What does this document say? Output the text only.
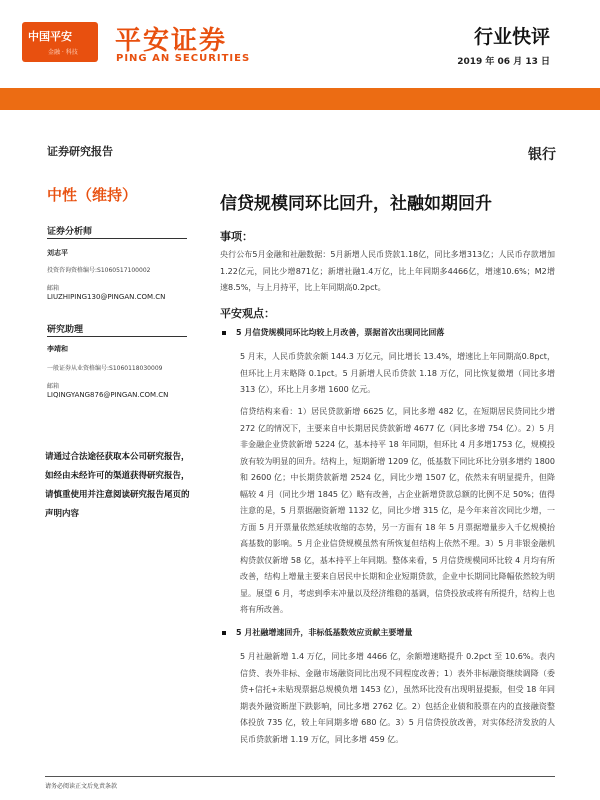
中国平安
金融 · 科技 平安证券
PING AN SECURITIES
行业快评
2019 年 06 月 13 日
证券研究报告
中性（维持）
证券分析师
刘志平
投资咨询资格编号:S1060517100002
邮箱
LIUZHIPING130@PINGAN.COM.CN
研究助理
李靖和
一般证券从业资格编号:S1060118030009
邮箱
LIQINGYANG876@PINGAN.COM.CN
请通过合法途径获取本公司研究报告，如经由未经许可的渠道获得研究报告，请慎重使用并注意阅读研究报告尾页的声明内容
银行
信贷规模同环比回升，社融如期回升
事项：
央行公布5月金融和社融数据：5月新增人民币贷款1.18亿，同比多增313亿；人民币存款增加1.22亿元，同比少增871亿；新增社融1.4万亿，比上年同期多4466亿，增速10.6%；M2增速8.5%，与上月持平，比上年同期高0.2pct。
平安观点：
5 月信贷规模同环比均较上月改善，票据首次出现同比回落
5 月末，人民币贷款余额 144.3 万亿元，同比增长 13.4%，增速比上年同期高0.8pct，但环比上月末略降 0.1pct。5 月新增人民币贷款 1.18 万亿，同比恢复微增（同比多增 313 亿），环比上月多增 1600 亿元。
信贷结构来看：1）居民贷款新增 6625 亿，同比多增 482 亿，在短期居民贷同比少增 272 亿的情况下，主要来自中长期居民贷款新增 4677 亿（同比多增 754 亿）。2）5 月非金融企业贷款新增 5224 亿，基本持平 18 年同期，但环比 4 月多增1753 亿，规模投放有较为明显的回升。结构上，短期新增 1209 亿，低基数下同比环比分别多增约 1800 和 2600 亿；中长期贷款新增 2524 亿，同比少增 1507 亿，依然未有明显提升，但降幅较 4 月（同比少增 1845 亿）略有改善，占企业新增贷款总额的比例不足 50%；值得注意的是，5 月票据融资新增 1132 亿，同比少增 315 亿，是今年来首次同比少增，一方面 5 月开票量依然延续收缩的态势，另一方面有 18 年 5 月票据增量步入千亿规模抬高基数的影响。5 月企业信贷规模虽然有所恢复但结构上依然不理。3）5 月非银金融机构贷款仅新增 58 亿，基本持平上年同期。整体来看，5 月信贷规模同环比较 4 月均有所改善，结构上增量主要来自居民中长期和企业短期贷款，企业中长期同比降幅依然较为明显。展望 6 月，考虑到季末冲量以及经济维稳的基调，信贷投放或将有所提升，结构上也将有所改善。
5 月社融增速回升，非标低基数效应贡献主要增量
5 月社融新增 1.4 万亿，同比多增 4466 亿，余额增速略提升 0.2pct 至 10.6%。表内信贷、表外非标、金融市场融资同比出现不同程度改善；1）表外非标融资继续调降（委贷+信托+未贴现票据总规模负增 1453 亿），虽然环比没有出现明显提振，但受 18 年同期表外融资断崖下跌影响，同比多增 2762 亿。2）包括企业债和股票在内的直接融资整体投放 735 亿，较上年同期多增 680 亿。3）5 月信贷投放改善，对实体经济发放的人民币贷款新增 1.19 万亿，同比多增 459 亿。
请务必阅读正文后免责条款
